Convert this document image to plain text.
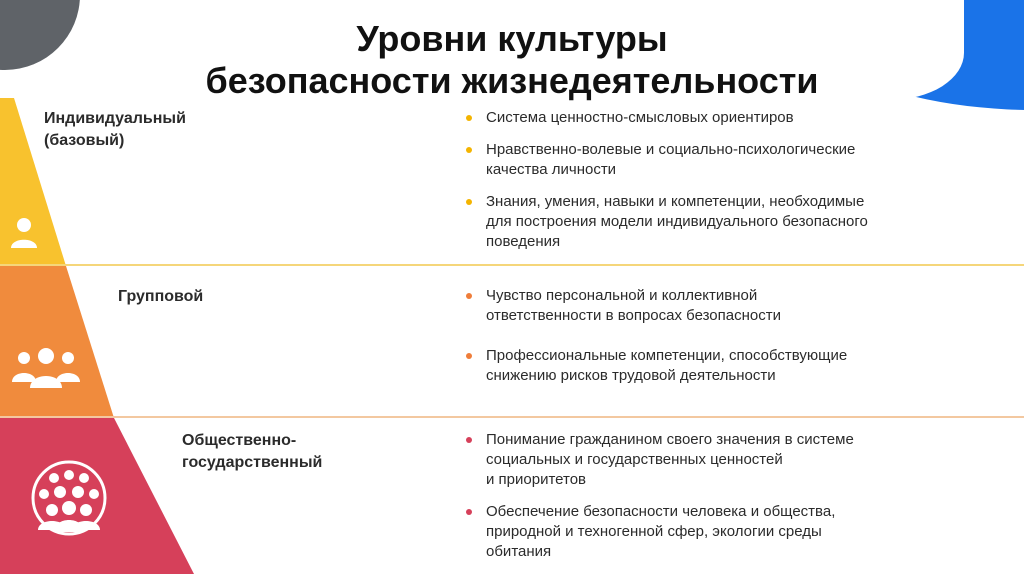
Уровни культуры
безопасности жизнедеятельности
Индивидуальный
(базовый)
Групповой
Общественно-
государственный
Система ценностно-смысловых ориентиров
Нравственно-волевые и социально-психологические
качества личности
Знания, умения, навыки и компетенции, необходимые
для построения модели индивидуального безопасного
поведения
Чувство персональной и коллективной
ответственности в вопросах безопасности
Профессиональные компетенции, способствующие
снижению рисков трудовой деятельности
Понимание гражданином своего значения в системе
социальных и государственных ценностей
и приоритетов
Обеспечение безопасности человека и общества,
природной и техногенной сфер, экологии среды
обитания
